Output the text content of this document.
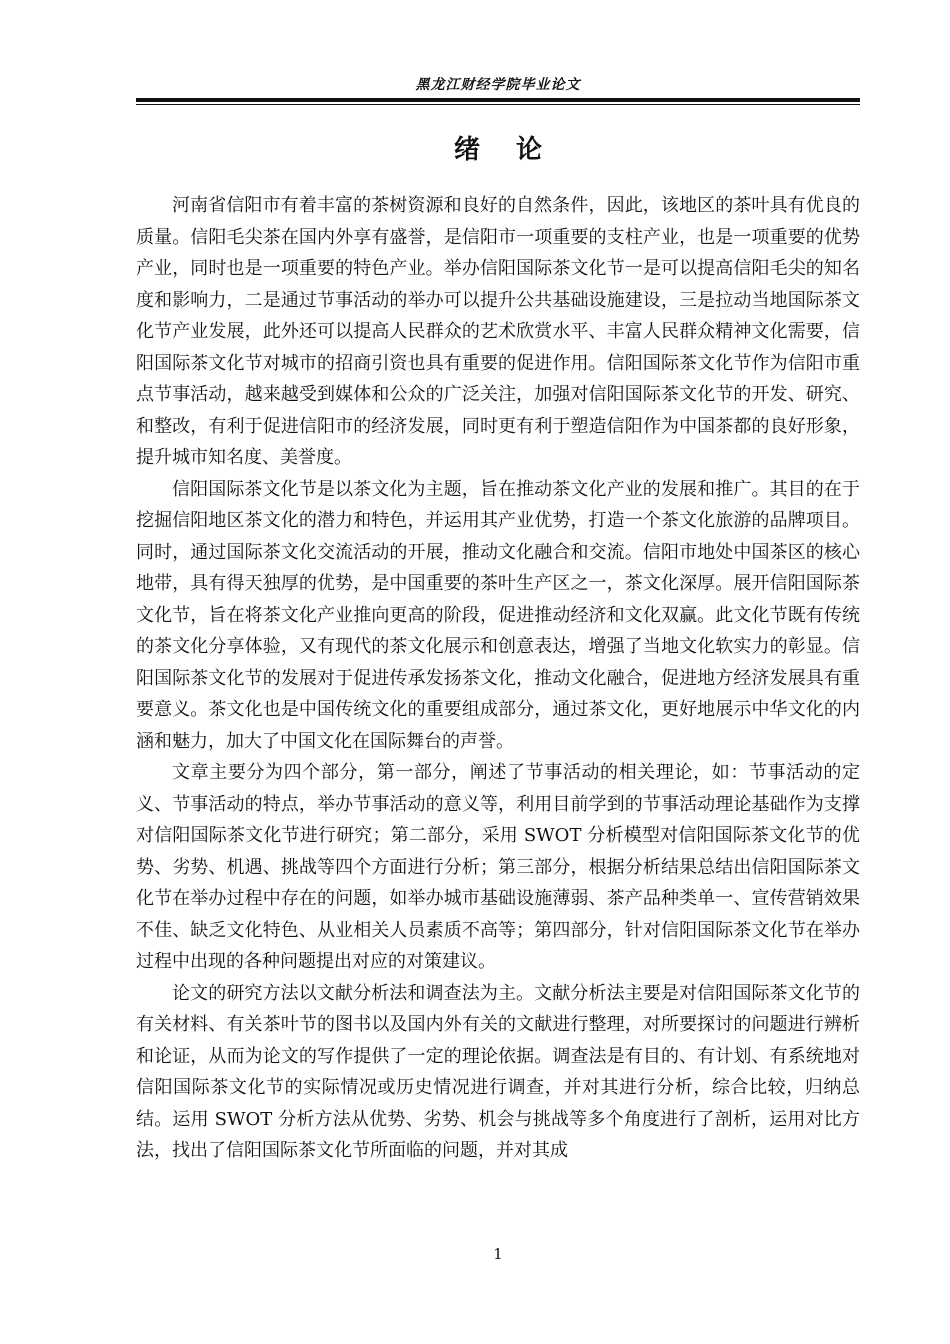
黑龙江财经学院毕业论文
绪论

河南省信阳市有着丰富的茶树资源和良好的自然条件，因此，该地区的茶叶具有优良的质量。信阳毛尖茶在国内外享有盛誉，是信阳市一项重要的支柱产业，也是一项重要的优势产业，同时也是一项重要的特色产业。举办信阳国际茶文化节一是可以提高信阳毛尖的知名度和影响力，二是通过节事活动的举办可以提升公共基础设施建设，三是拉动当地国际茶文化节产业发展，此外还可以提高人民群众的艺术欣赏水平、丰富人民群众精神文化需要，信阳国际茶文化节对城市的招商引资也具有重要的促进作用。信阳国际茶文化节作为信阳市重点节事活动，越来越受到媒体和公众的广泛关注，加强对信阳国际茶文化节的开发、研究、和整改，有利于促进信阳市的经济发展，同时更有利于塑造信阳作为中国茶都的良好形象，提升城市知名度、美誉度。

信阳国际茶文化节是以茶文化为主题，旨在推动茶文化产业的发展和推广。其目的在于挖掘信阳地区茶文化的潜力和特色，并运用其产业优势，打造一个茶文化旅游的品牌项目。同时，通过国际茶文化交流活动的开展，推动文化融合和交流。信阳市地处中国茶区的核心地带，具有得天独厚的优势，是中国重要的茶叶生产区之一，茶文化深厚。展开信阳国际茶文化节，旨在将茶文化产业推向更高的阶段，促进推动经济和文化双赢。此文化节既有传统的茶文化分享体验，又有现代的茶文化展示和创意表达，增强了当地文化软实力的彰显。信阳国际茶文化节的发展对于促进传承发扬茶文化，推动文化融合，促进地方经济发展具有重要意义。茶文化也是中国传统文化的重要组成部分，通过茶文化，更好地展示中华文化的内涵和魅力，加大了中国文化在国际舞台的声誉。

文章主要分为四个部分，第一部分，阐述了节事活动的相关理论，如：节事活动的定义、节事活动的特点，举办节事活动的意义等，利用目前学到的节事活动理论基础作为支撑对信阳国际茶文化节进行研究；第二部分，采用 SWOT 分析模型对信阳国际茶文化节的优势、劣势、机遇、挑战等四个方面进行分析；第三部分，根据分析结果总结出信阳国际茶文化节在举办过程中存在的问题，如举办城市基础设施薄弱、茶产品种类单一、宣传营销效果不佳、缺乏文化特色、从业相关人员素质不高等；第四部分，针对信阳国际茶文化节在举办过程中出现的各种问题提出对应的对策建议。

论文的研究方法以文献分析法和调查法为主。文献分析法主要是对信阳国际茶文化节的有关材料、有关茶叶节的图书以及国内外有关的文献进行整理，对所要探讨的问题进行辨析和论证，从而为论文的写作提供了一定的理论依据。调查法是有目的、有计划、有系统地对信阳国际茶文化节的实际情况或历史情况进行调查，并对其进行分析，综合比较，归纳总结。运用 SWOT 分析方法从优势、劣势、机会与挑战等多个角度进行了剖析，运用对比方法，找出了信阳国际茶文化节所面临的问题，并对其成

1
